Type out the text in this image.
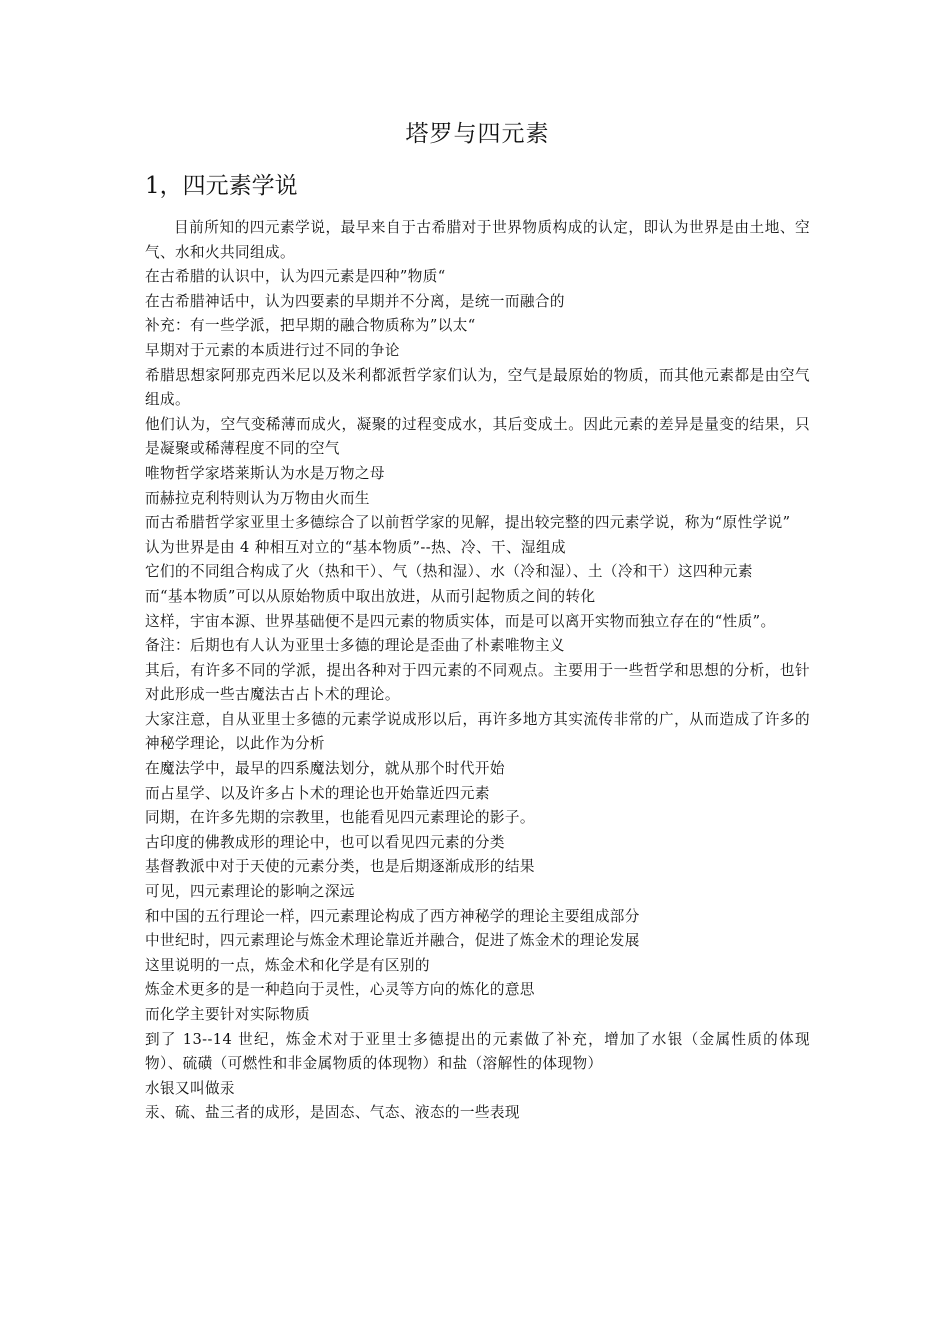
塔罗与四元素
1，四元素学说

目前所知的四元素学说，最早来自于古希腊对于世界物质构成的认定，即认为世界是由土地、空气、水和火共同组成。

在古希腊的认识中，认为四元素是四种”物质“

在古希腊神话中，认为四要素的早期并不分离，是统一而融合的

补充：有一些学派，把早期的融合物质称为”以太“

早期对于元素的本质进行过不同的争论

希腊思想家阿那克西米尼以及米利都派哲学家们认为，空气是最原始的物质，而其他元素都是由空气组成。

他们认为，空气变稀薄而成火，凝聚的过程变成水，其后变成土。因此元素的差异是量变的结果，只是凝聚或稀薄程度不同的空气

唯物哲学家塔莱斯认为水是万物之母

而赫拉克利特则认为万物由火而生

而古希腊哲学家亚里士多德综合了以前哲学家的见解，提出较完整的四元素学说，称为“原性学说”

认为世界是由 4 种相互对立的“基本物质”--热、冷、干、湿组成

它们的不同组合构成了火（热和干）、气（热和湿）、水（冷和湿）、土（冷和干）这四种元素

而“基本物质”可以从原始物质中取出放进，从而引起物质之间的转化

这样，宇宙本源、世界基础便不是四元素的物质实体，而是可以离开实物而独立存在的“性质”。

备注：后期也有人认为亚里士多德的理论是歪曲了朴素唯物主义

其后，有许多不同的学派，提出各种对于四元素的不同观点。主要用于一些哲学和思想的分析，也针对此形成一些古魔法古占卜术的理论。

大家注意，自从亚里士多德的元素学说成形以后，再许多地方其实流传非常的广，从而造成了许多的神秘学理论，以此作为分析

在魔法学中，最早的四系魔法划分，就从那个时代开始

而占星学、以及许多占卜术的理论也开始靠近四元素

同期，在许多先期的宗教里，也能看见四元素理论的影子。

古印度的佛教成形的理论中，也可以看见四元素的分类

基督教派中对于天使的元素分类，也是后期逐渐成形的结果

可见，四元素理论的影响之深远

和中国的五行理论一样，四元素理论构成了西方神秘学的理论主要组成部分

中世纪时，四元素理论与炼金术理论靠近并融合，促进了炼金术的理论发展

这里说明的一点，炼金术和化学是有区别的

炼金术更多的是一种趋向于灵性，心灵等方向的炼化的意思

而化学主要针对实际物质

到了 13--14 世纪，炼金术对于亚里士多德提出的元素做了补充，增加了水银（金属性质的体现物）、硫磺（可燃性和非金属物质的体现物）和盐（溶解性的体现物）

水银又叫做汞

汞、硫、盐三者的成形，是固态、气态、液态的一些表现
